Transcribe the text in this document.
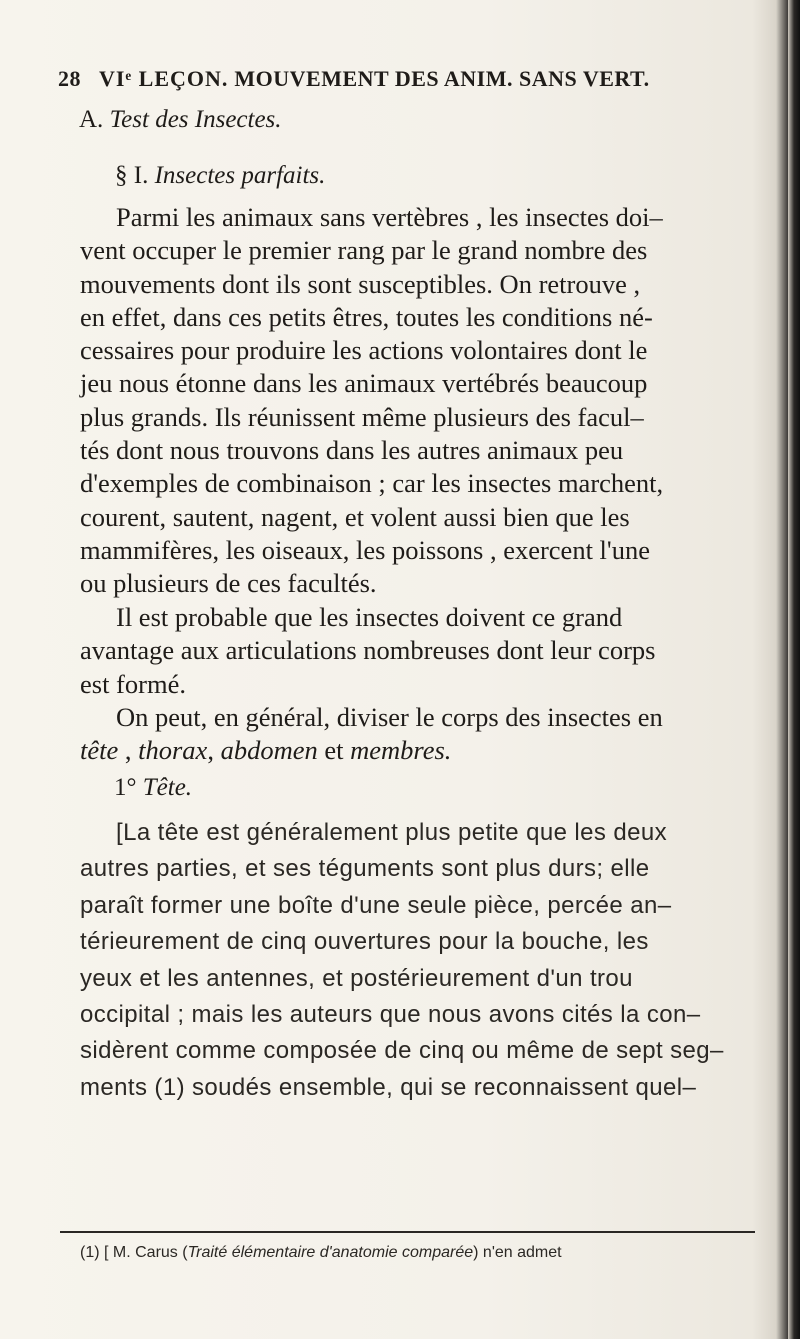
28 VIᵉ LEÇON. MOUVEMENT DES ANIM. SANS VERT.
A. Test des Insectes.
§ I. Insectes parfaits.
Parmi les animaux sans vertèbres , les insectes doi–
vent occuper le premier rang par le grand nombre des
mouvements dont ils sont susceptibles. On retrouve ,
en effet, dans ces petits êtres, toutes les conditions né-
cessaires pour produire les actions volontaires dont le
jeu nous étonne dans les animaux vertébrés beaucoup
plus grands. Ils réunissent même plusieurs des facul–
tés dont nous trouvons dans les autres animaux peu
d'exemples de combinaison ; car les insectes marchent,
courent, sautent, nagent, et volent aussi bien que les
mammifères, les oiseaux, les poissons , exercent l'une
ou plusieurs de ces facultés.
Il est probable que les insectes doivent ce grand
avantage aux articulations nombreuses dont leur corps
est formé.
On peut, en général, diviser le corps des insectes en
tête , thorax, abdomen et membres.
1° Tête.
[La tête est généralement plus petite que les deux
autres parties, et ses téguments sont plus durs; elle
paraît former une boîte d'une seule pièce, percée an–
térieurement de cinq ouvertures pour la bouche, les
yeux et les antennes, et postérieurement d'un trou
occipital ; mais les auteurs que nous avons cités la con–
sidèrent comme composée de cinq ou même de sept seg–
ments (1) soudés ensemble, qui se reconnaissent quel–
(1) [ M. Carus (Traité élémentaire d'anatomie comparée) n'en admet
